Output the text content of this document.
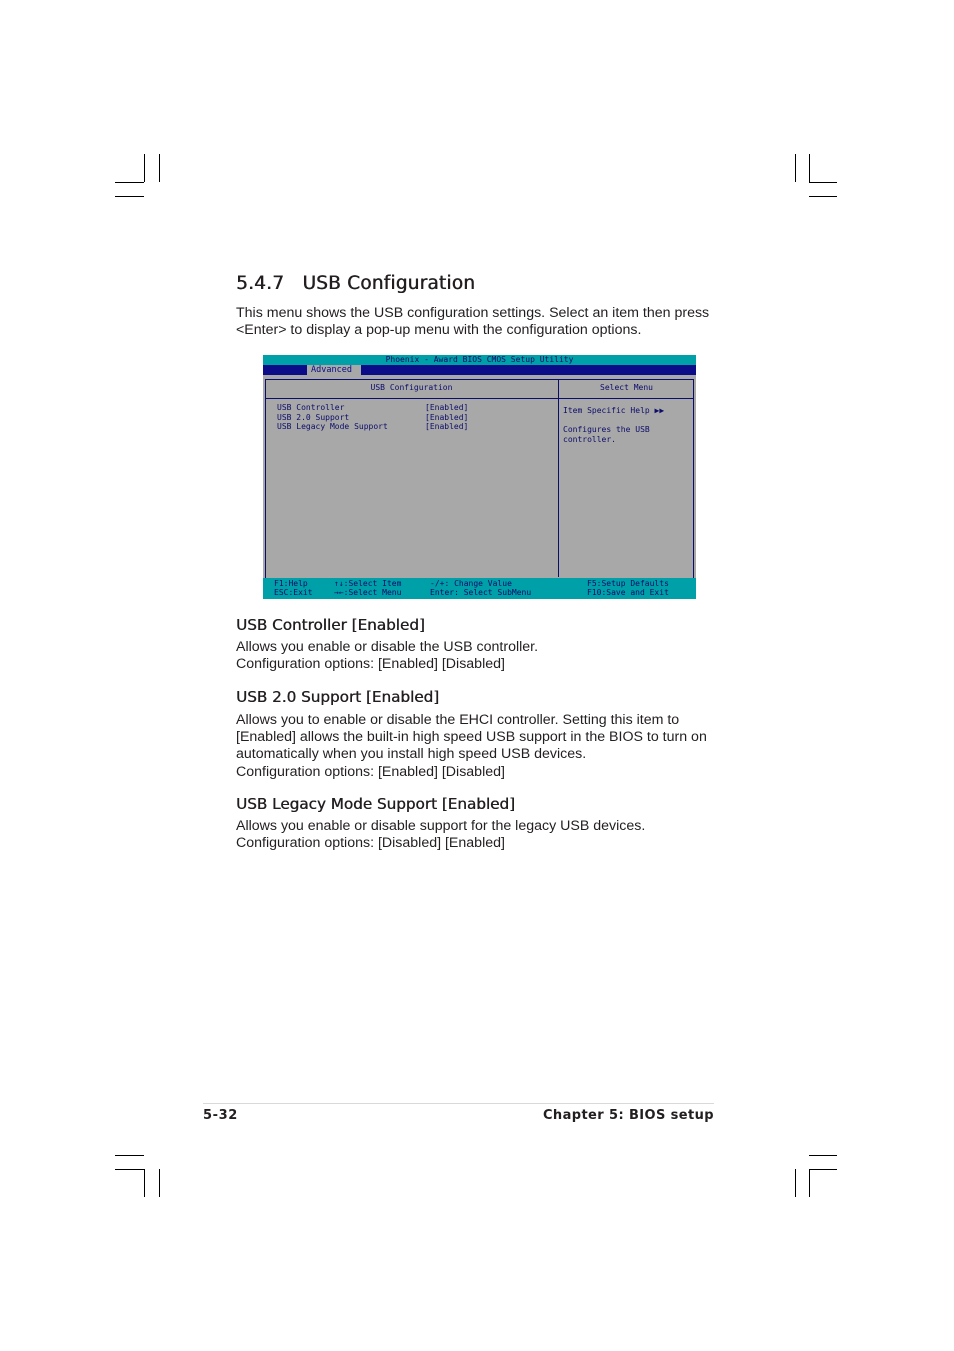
5.4.7   USB Configuration

This menu shows the USB configuration settings. Select an item then press
<Enter> to display a pop-up menu with the configuration options.

Phoenix - Award BIOS CMOS Setup Utility
Advanced
USB Configuration	Select Menu
USB Controller	[Enabled]
USB 2.0 Support	[Enabled]
USB Legacy Mode Support	[Enabled]
Item Specific Help ▶▶
Configures the USB
controller.
F1:Help
ESC:Exit
↑↓:Select Item
→←:Select Menu
-/+: Change Value
Enter: Select SubMenu
F5:Setup Defaults
F10:Save and Exit
USB Controller [Enabled]

Allows you enable or disable the USB controller.
Configuration options: [Enabled] [Disabled]

USB 2.0 Support [Enabled]

Allows you to enable or disable the EHCI controller. Setting this item to
[Enabled] allows the built-in high speed USB support in the BIOS to turn on
automatically when you install high speed USB devices.
Configuration options: [Enabled] [Disabled]

USB Legacy Mode Support [Enabled]

Allows you enable or disable support for the legacy USB devices.
Configuration options: [Disabled] [Enabled]

5-32	Chapter 5: BIOS setup
